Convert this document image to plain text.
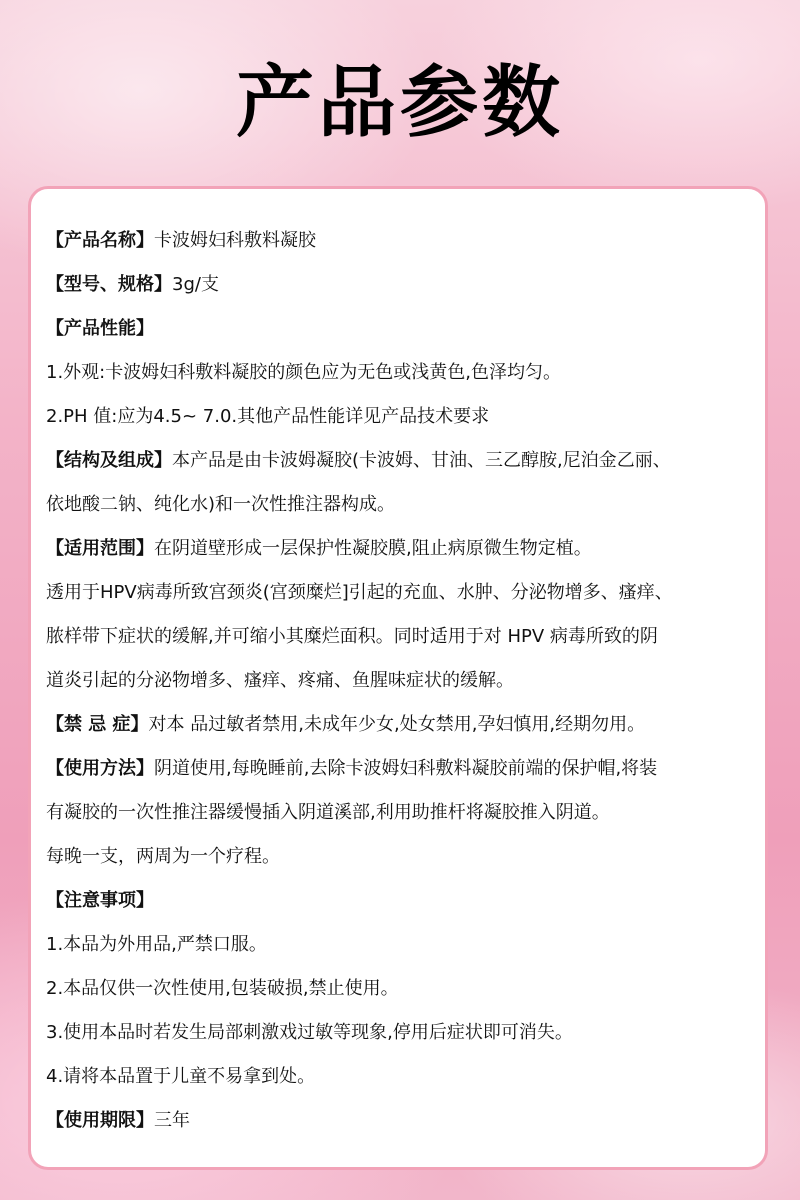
产品参数
【产品名称】卡波姆妇科敷料凝胶
【型号、规格】3g/支
【产品性能】
1.外观:卡波姆妇科敷料凝胶的颜色应为无色或浅黄色,色泽均匀。
2.PH 值:应为4.5~ 7.0.其他产品性能详见产品技术要求
【结构及组成】本产品是由卡波姆凝胶(卡波姆、甘油、三乙醇胺,尼泊金乙丽、
依地酸二钠、纯化水)和一次性推注器构成。
【适用范围】在阴道壁形成一层保护性凝胶膜,阻止病原微生物定植。
透用于HPV病毒所致宫颈炎(宫颈糜烂]引起的充血、水肿、分泌物增多、瘙痒、
脓样带下症状的缓解,并可缩小其糜烂面积。同时适用于对 HPV 病毒所致的阴
道炎引起的分泌物增多、瘙痒、疼痛、鱼腥味症状的缓解。
【禁 忌 症】对本 品过敏者禁用,未成年少女,处女禁用,孕妇慎用,经期勿用。
【使用方法】阴道使用,每晚睡前,去除卡波姆妇科敷料凝胶前端的保护帽,将装
有凝胶的一次性推注器缓慢插入阴道溪部,利用助推杆将凝胶推入阴道。
每晚一支，两周为一个疗程。
【注意事项】
1.本品为外用品,严禁口服。
2.本品仅供一次性使用,包装破损,禁止使用。
3.使用本品时若发生局部刺激戏过敏等现象,停用后症状即可消失。
4.请将本品置于儿童不易拿到处。
【使用期限】三年
